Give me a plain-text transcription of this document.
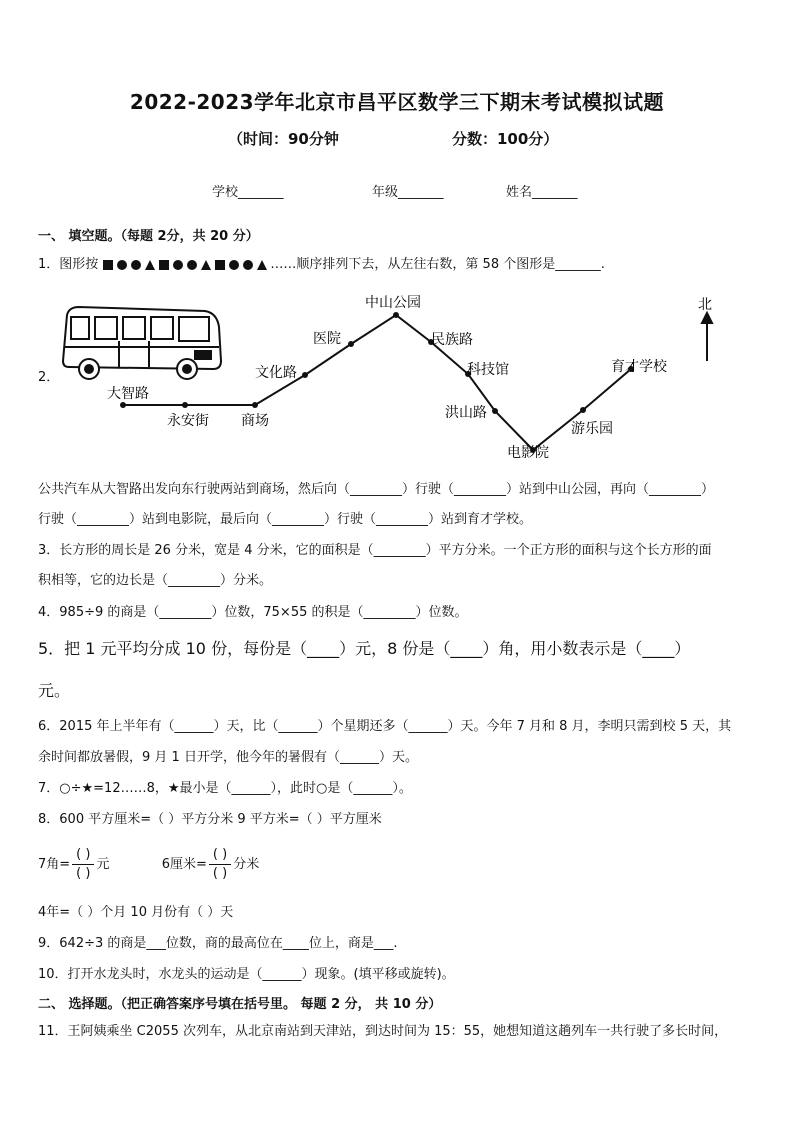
2022-2023学年北京市昌平区数学三下期末考试模拟试题
（时间：90分钟	分数：100分）
学校_______	年级_______	姓名_______
一、 填空题。（每题 2分，共 20 分）
1．图形按	……顺序排列下去，从左往右数，第 58 个图形是_______.
2．
北
大智路
永安街 商场
文化路
医院
中山公园
民族路
科技馆
洪山路
电影院
游乐园
育才学校
公共汽车从大智路出发向东行驶两站到商场，然后向（________）行驶（________）站到中山公园，再向（________）
行驶（________）站到电影院，最后向（________）行驶（________）站到育才学校。
3．长方形的周长是 26 分米，宽是 4 分米，它的面积是（________）平方分米。一个正方形的面积与这个长方形的面
积相等，它的边长是（________）分米。
4．985÷9 的商是（________）位数，75×55 的积是（________）位数。
5．把 1 元平均分成 10 份，每份是（____）元，8 份是（____）角，用小数表示是（____）
元。
6．2015 年上半年有（______）天，比（______）个星期还多（______）天。今年 7 月和 8 月，李明只需到校 5 天，其
余时间都放暑假，9 月 1 日开学，他今年的暑假有（______）天。
7．○÷★=12……8，★最小是（______），此时○是（______）。
8．600 平方厘米=（ ）平方分米 9 平方米=（ ）平方厘米
7角= $\frac{( )}{( )}$ 元	6厘米= $\frac{( )}{( )}$ 分米
4年=（ ）个月 10 月份有（ ）天
9．642÷3 的商是___位数，商的最高位在____位上，商是___.
10．打开水龙头时，水龙头的运动是（______）现象。(填平移或旋转)。
二、 选择题。（把正确答案序号填在括号里。 每题 2 分， 共 10 分）
11．王阿姨乘坐 C2055 次列车，从北京南站到天津站，到达时间为 15：55，她想知道这趟列车一共行驶了多长时间，
